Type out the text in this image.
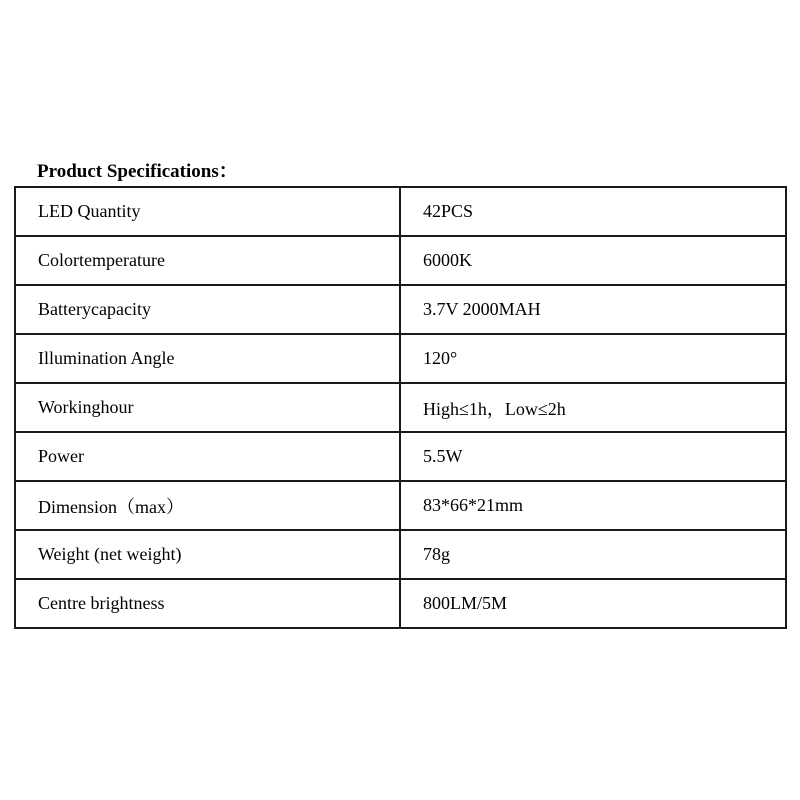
Product Specifications：
LED Quantity	42PCS
Colortemperature	6000K
Batterycapacity	3.7V 2000MAH
Illumination Angle	120°
Workinghour	High≤1h，Low≤2h
Power	5.5W
Dimension（max）	83*66*21mm
Weight (net weight)	78g
Centre brightness	800LM/5M
